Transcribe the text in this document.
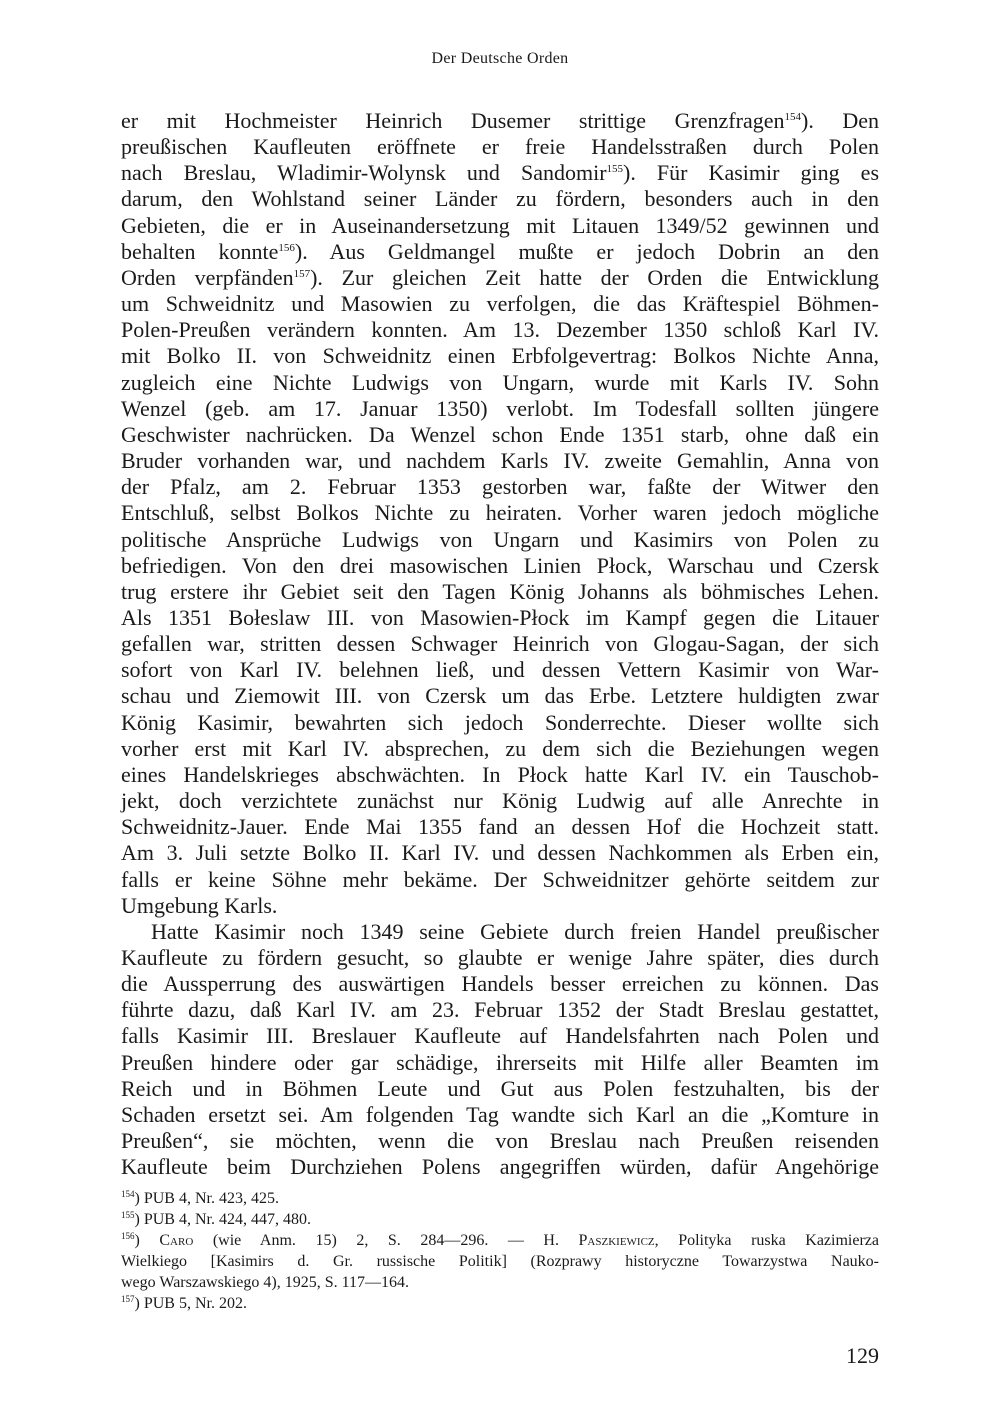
Der Deutsche Orden
er mit Hochmeister Heinrich Dusemer strittige Grenzfragen$^{154}$). Den
preußischen Kaufleuten eröffnete er freie Handelsstraßen durch Polen
nach Breslau, Wladimir-Wolynsk und Sandomir$^{155}$). Für Kasimir ging es
darum, den Wohlstand seiner Länder zu fördern, besonders auch in den
Gebieten, die er in Auseinandersetzung mit Litauen 1349/52 gewinnen und
behalten konnte$^{156}$). Aus Geldmangel mußte er jedoch Dobrin an den
Orden verpfänden$^{157}$). Zur gleichen Zeit hatte der Orden die Entwicklung
um Schweidnitz und Masowien zu verfolgen, die das Kräftespiel Böhmen-
Polen-Preußen verändern konnten. Am 13. Dezember 1350 schloß Karl IV.
mit Bolko II. von Schweidnitz einen Erbfolgevertrag: Bolkos Nichte Anna,
zugleich eine Nichte Ludwigs von Ungarn, wurde mit Karls IV. Sohn
Wenzel (geb. am 17. Januar 1350) verlobt. Im Todesfall sollten jüngere
Geschwister nachrücken. Da Wenzel schon Ende 1351 starb, ohne daß ein
Bruder vorhanden war, und nachdem Karls IV. zweite Gemahlin, Anna von
der Pfalz, am 2. Februar 1353 gestorben war, faßte der Witwer den
Entschluß, selbst Bolkos Nichte zu heiraten. Vorher waren jedoch mögliche
politische Ansprüche Ludwigs von Ungarn und Kasimirs von Polen zu
befriedigen. Von den drei masowischen Linien Płock, Warschau und Czersk
trug erstere ihr Gebiet seit den Tagen König Johanns als böhmisches Lehen.
Als 1351 Bołeslaw III. von Masowien-Płock im Kampf gegen die Litauer
gefallen war, stritten dessen Schwager Heinrich von Glogau-Sagan, der sich
sofort von Karl IV. belehnen ließ, und dessen Vettern Kasimir von War-
schau und Ziemowit III. von Czersk um das Erbe. Letztere huldigten zwar
König Kasimir, bewahrten sich jedoch Sonderrechte. Dieser wollte sich
vorher erst mit Karl IV. absprechen, zu dem sich die Beziehungen wegen
eines Handelskrieges abschwächten. In Płock hatte Karl IV. ein Tauschob-
jekt, doch verzichtete zunächst nur König Ludwig auf alle Anrechte in
Schweidnitz-Jauer. Ende Mai 1355 fand an dessen Hof die Hochzeit statt.
Am 3. Juli setzte Bolko II. Karl IV. und dessen Nachkommen als Erben ein,
falls er keine Söhne mehr bekäme. Der Schweidnitzer gehörte seitdem zur
Umgebung Karls.
Hatte Kasimir noch 1349 seine Gebiete durch freien Handel preußischer
Kaufleute zu fördern gesucht, so glaubte er wenige Jahre später, dies durch
die Aussperrung des auswärtigen Handels besser erreichen zu können. Das
führte dazu, daß Karl IV. am 23. Februar 1352 der Stadt Breslau gestattet,
falls Kasimir III. Breslauer Kaufleute auf Handelsfahrten nach Polen und
Preußen hindere oder gar schädige, ihrerseits mit Hilfe aller Beamten im
Reich und in Böhmen Leute und Gut aus Polen festzuhalten, bis der
Schaden ersetzt sei. Am folgenden Tag wandte sich Karl an die „Komture in
Preußen“, sie möchten, wenn die von Breslau nach Preußen reisenden
Kaufleute beim Durchziehen Polens angegriffen würden, dafür Angehörige
$^{154}$) PUB 4, Nr. 423, 425.
$^{155}$) PUB 4, Nr. 424, 447, 480.
$^{156}$) Caro (wie Anm. 15) 2, S. 284—296. — H. Paszkiewicz, Polityka ruska Kazimierza
Wielkiego [Kasimirs d. Gr. russische Politik] (Rozprawy historyczne Towarzystwa Nauko-
wego Warszawskiego 4), 1925, S. 117—164.
$^{157}$) PUB 5, Nr. 202.
129
